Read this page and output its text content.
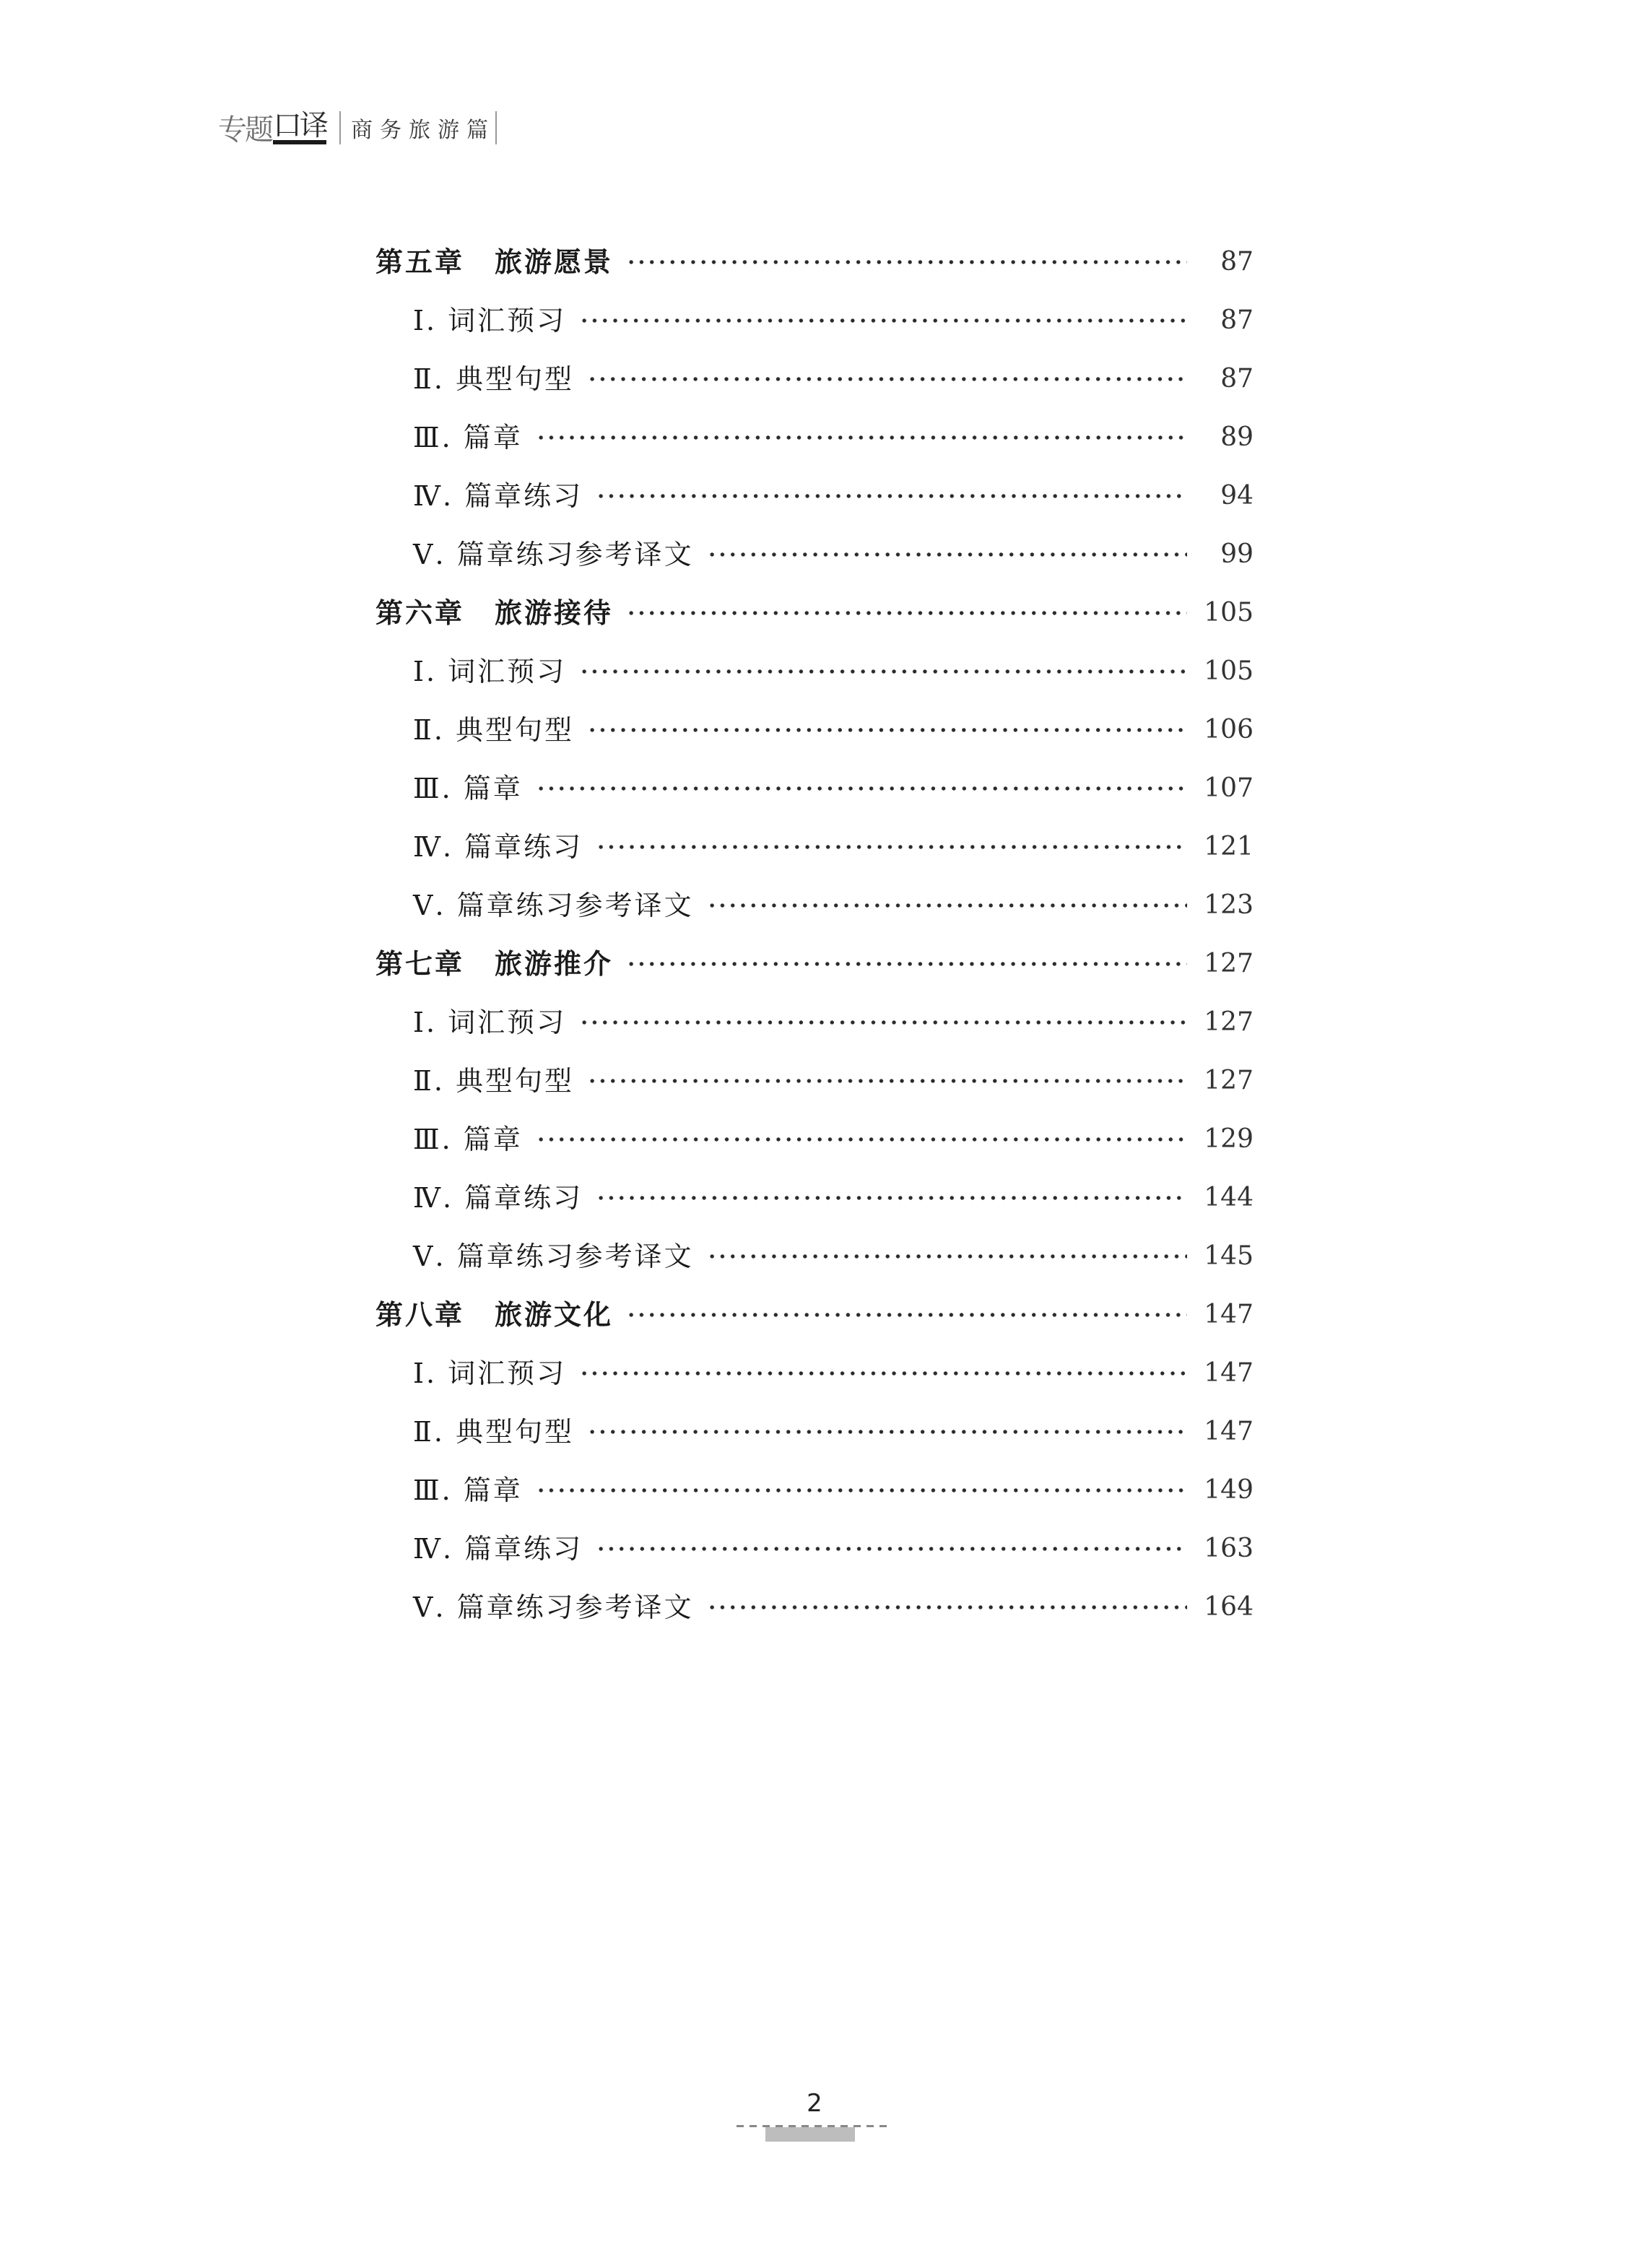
专题 口译 商务旅游篇
第五章 旅游愿景	87
Ⅰ. 词汇预习	87
Ⅱ. 典型句型	87
Ⅲ. 篇章	89
Ⅳ. 篇章练习	94
Ⅴ. 篇章练习参考译文	99
第六章 旅游接待	105
Ⅰ. 词汇预习	105
Ⅱ. 典型句型	106
Ⅲ. 篇章	107
Ⅳ. 篇章练习	121
Ⅴ. 篇章练习参考译文	123
第七章 旅游推介	127
Ⅰ. 词汇预习	127
Ⅱ. 典型句型	127
Ⅲ. 篇章	129
Ⅳ. 篇章练习	144
Ⅴ. 篇章练习参考译文	145
第八章 旅游文化	147
Ⅰ. 词汇预习	147
Ⅱ. 典型句型	147
Ⅲ. 篇章	149
Ⅳ. 篇章练习	163
Ⅴ. 篇章练习参考译文	164
2
